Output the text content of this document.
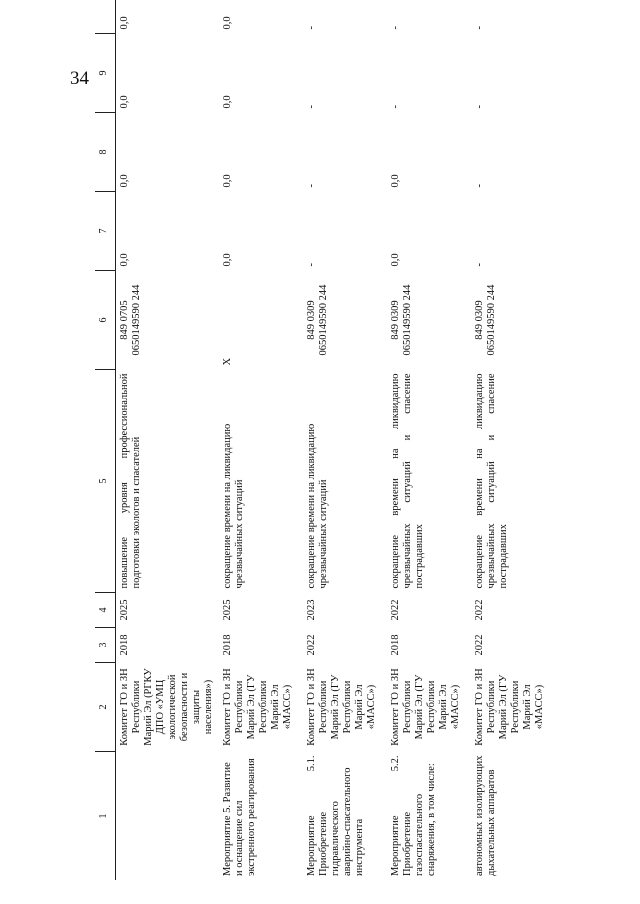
34
1	2	3	4	5	6	7	8	9	
	Комитет ГО и ЗН Республики Марий Эл (РГКУ ДПО «УМЦ экологической безопасности и защиты населения»)	2018	2025	повышение уровня профессиональной подготовки экологов и спасателей	849 0705 0650149590 244	0,0	0,0	0,0	0,0
Мероприятие 5. Развитие и оснащение сил экстренного реагирования	Комитет ГО и ЗН Республики Марий Эл (ГУ Республики Марий Эл «МАСС»)	2018	2025	сокращение времени на ликвидацию чрезвычайных ситуаций	Х	0,0	0,0	0,0	0,0
Мероприятие 5.1. Приобретение гидравлического аварийно-спасательного инструмента	Комитет ГО и ЗН Республики Марий Эл (ГУ Республики Марий Эл «МАСС»)	2022	2023	сокращение времени на ликвидацию чрезвычайных ситуаций	849 0309 0650149590 244	-	-	-	-
Мероприятие 5.2. Приобретение газоспасательного снаряжения, в том числе:	Комитет ГО и ЗН Республики Марий Эл (ГУ Республики Марий Эл «МАСС»)	2018	2022	сокращение времени на ликвидацию чрезвычайных ситуаций и спасение пострадавших	849 0309 0650149590 244	0,0	0,0	-	-
автономных изолирующих дыхательных аппаратов	Комитет ГО и ЗН Республики Марий Эл (ГУ Республики Марий Эл «МАСС»)	2022	2022	сокращение времени на ликвидацию чрезвычайных ситуаций и спасение пострадавших	849 0309 0650149590 244	-	-	-	-
